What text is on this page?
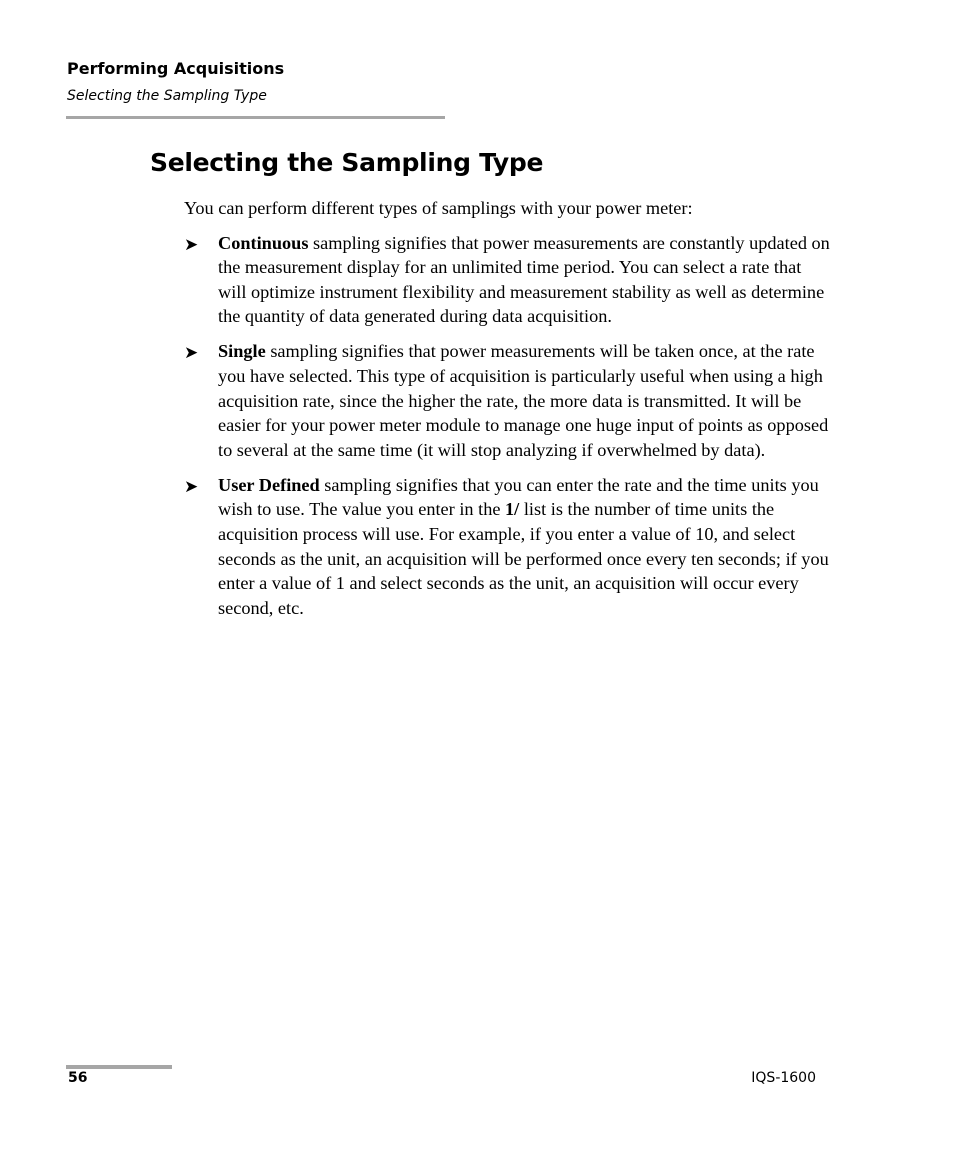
Performing Acquisitions
Selecting the Sampling Type
Selecting the Sampling Type

You can perform different types of samplings with your power meter:

➤ Continuous sampling signifies that power measurements are constantly updated on the measurement display for an unlimited time period. You can select a rate that will optimize instrument flexibility and measurement stability as well as determine the quantity of data generated during data acquisition.
➤ Single sampling signifies that power measurements will be taken once, at the rate you have selected. This type of acquisition is particularly useful when using a high acquisition rate, since the higher the rate, the more data is transmitted. It will be easier for your power meter module to manage one huge input of points as opposed to several at the same time (it will stop analyzing if overwhelmed by data).
➤ User Defined sampling signifies that you can enter the rate and the time units you wish to use. The value you enter in the 1/ list is the number of time units the acquisition process will use. For example, if you enter a value of 10, and select seconds as the unit, an acquisition will be performed once every ten seconds; if you enter a value of 1 and select seconds as the unit, an acquisition will occur every second, etc.
56	IQS-1600
